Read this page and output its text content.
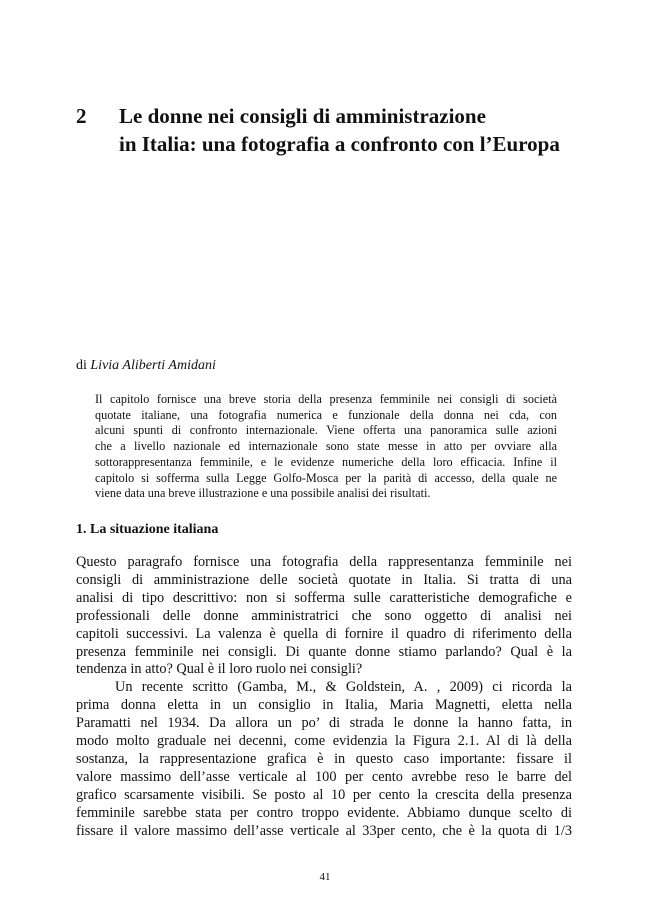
2 Le donne nei consigli di amministrazione
in Italia: una fotografia a confronto con l’Europa
di Livia Aliberti Amidani
Il capitolo fornisce una breve storia della presenza femminile nei consigli di società
quotate italiane, una fotografia numerica e funzionale della donna nei cda, con
alcuni spunti di confronto internazionale. Viene offerta una panoramica sulle azioni
che a livello nazionale ed internazionale sono state messe in atto per ovviare alla
sottorappresentanza femminile, e le evidenze numeriche della loro efficacia. Infine il
capitolo si sofferma sulla Legge Golfo-Mosca per la parità di accesso, della quale ne
viene data una breve illustrazione e una possibile analisi dei risultati.
1. La situazione italiana
Questo paragrafo fornisce una fotografia della rappresentanza femminile nei
consigli di amministrazione delle società quotate in Italia. Si tratta di una
analisi di tipo descrittivo: non si sofferma sulle caratteristiche demografiche e
professionali delle donne amministratrici che sono oggetto di analisi nei
capitoli successivi. La valenza è quella di fornire il quadro di riferimento della
presenza femminile nei consigli. Di quante donne stiamo parlando? Qual è la
tendenza in atto? Qual è il loro ruolo nei consigli?
Un recente scritto (Gamba, M., & Goldstein, A. , 2009) ci ricorda la
prima donna eletta in un consiglio in Italia, Maria Magnetti, eletta nella
Paramatti nel 1934. Da allora un po’ di strada le donne la hanno fatta, in
modo molto graduale nei decenni, come evidenzia la Figura 2.1. Al di là della
sostanza, la rappresentazione grafica è in questo caso importante: fissare il
valore massimo dell’asse verticale al 100 per cento avrebbe reso le barre del
grafico scarsamente visibili. Se posto al 10 per cento la crescita della presenza
femminile sarebbe stata per contro troppo evidente. Abbiamo dunque scelto di
fissare il valore massimo dell’asse verticale al 33per cento, che è la quota di 1/3
41
